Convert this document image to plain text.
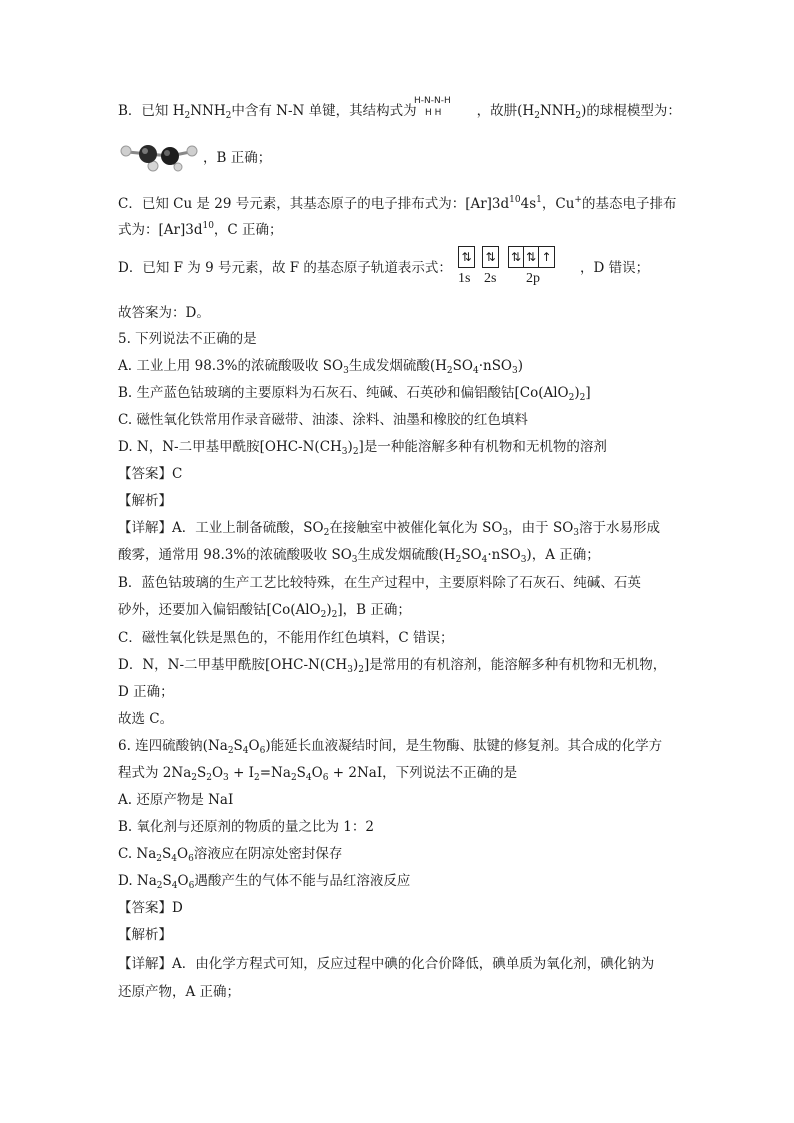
B．已知 $H_2NNH_2$中含有 N-N 单键，其结构式为	，故肼$(H_2NNH_2)$的球棍模型为：
H-N-N-H
H H
，B 正确；
C．已知 Cu 是 29 号元素，其基态原子的电子排布式为：$[Ar]3d^{10}4s^1$，Cu+的基态电子排布
式为：$[Ar]3d^{10}$，C 正确；
D．已知 F 为 9 号元素，故 F 的基态原子轨道表示式：
⇅ ⇅ ⇅ ⇅ ↑
1s 2s 2p
，D 错误；
故答案为：D。
5. 下列说法不正确的是
A. 工业上用 98.3%的浓硫酸吸收 $SO_3$生成发烟硫酸$(H_2SO_4\cdot nSO_3)$
B. 生产蓝色钴玻璃的主要原料为石灰石、纯碱、石英砂和偏铝酸钴$[Co(AlO_2)_2]$
C. 磁性氧化铁常用作录音磁带、油漆、涂料、油墨和橡胶的红色填料
D. N，N-二甲基甲酰胺$[OHC-N(CH_3)_2]$是一种能溶解多种有机物和无机物的溶剂
【答案】C
【解析】
【详解】A．工业上制备硫酸，$SO_2$在接触室中被催化氧化为 $SO_3$，由于 $SO_3$溶于水易形成
酸雾，通常用 98.3%的浓硫酸吸收 $SO_3$生成发烟硫酸$(H_2SO_4\cdot nSO_3)$，A 正确；
B．蓝色钴玻璃的生产工艺比较特殊，在生产过程中，主要原料除了石灰石、纯碱、石英
砂外，还要加入偏铝酸钴$[Co(AlO_2)_2]$，B 正确；
C．磁性氧化铁是黑色的，不能用作红色填料，C 错误；
D．N，N-二甲基甲酰胺$[OHC-N(CH_3)_2]$是常用的有机溶剂，能溶解多种有机物和无机物，
D 正确；
故选 C。
6. 连四硫酸钠$(Na_2S_4O_6)$能延长血液凝结时间，是生物酶、肽键的修复剂。其合成的化学方
程式为 $2Na_2S_2O_3 + I_2=Na_2S_4O_6 + 2NaI$，下列说法不正确的是
A. 还原产物是 NaI
B. 氧化剂与还原剂的物质的量之比为 1：2
C. $Na_2S_4O_6$溶液应在阴凉处密封保存
D. $Na_2S_4O_6$遇酸产生的气体不能与品红溶液反应
【答案】D
【解析】
【详解】A．由化学方程式可知，反应过程中碘的化合价降低，碘单质为氧化剂，碘化钠为
还原产物，A 正确；
